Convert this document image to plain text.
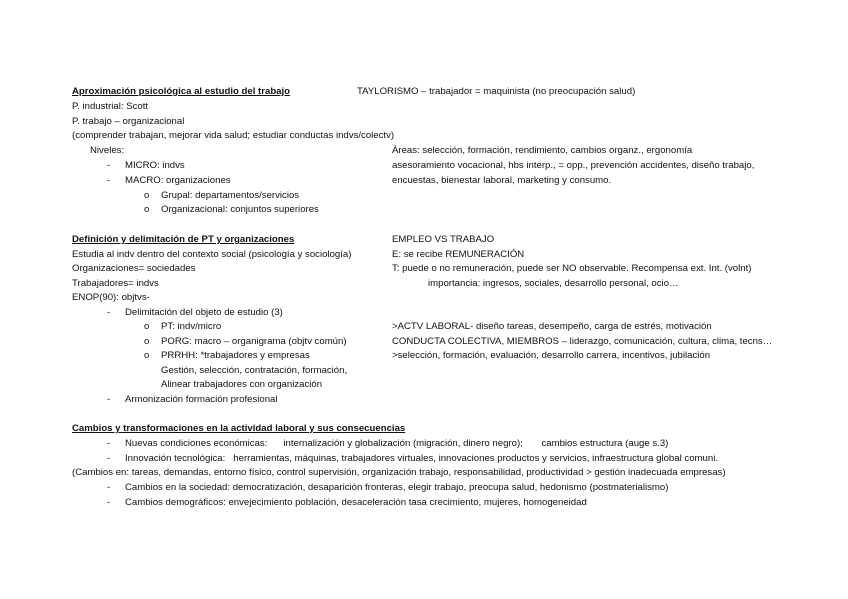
Aproximación psicológica al estudio del trabajo	TAYLORISMO – trabajador = maquinista (no preocupación salud)
P. industrial: Scott
P. trabajo – organizacional
(comprender trabajan, mejorar vida salud; estudiar conductas indvs/colectv)
Niveles:	Áreas: selección, formación, rendimiento, cambios organz., ergonomía
- MICRO: indvs	asesoramiento vocacional, hbs interp., = opp., prevención accidentes, diseño trabajo,
- MACRO: organizaciones	encuestas, bienestar laboral, marketing y consumo.
o Grupal: departamentos/servicios
o Organizacional: conjuntos superiores
Definición y delimitación de PT y organizaciones	EMPLEO VS TRABAJO
Estudia al indv dentro del contexto social (psicología y sociología)	E: se recibe REMUNERACIÓN
Organizaciones= sociedades	T: puede o no remuneración, puede ser NO observable. Recompensa ext. Int. (volnt)
Trabajadores= indvs	importancia: ingresos, sociales, desarrollo personal, ocio…
ENOP(90): objtvs-
- Delimitación del objeto de estudio (3)
o PT: indv/micro	>ACTV LABORAL- diseño tareas, desempeño, carga de estrés, motivación
o PORG: macro – organigrama (objtv común)	CONDUCTA COLECTIVA, MIEMBROS – liderazgo, comunicación, cultura, clima, tecns…
o PRRHH: *trabajadores y empresas	>selección, formación, evaluación, desarrollo carrera, incentivos, jubilación
Gestión, selección, contratación, formación,
Alinear trabajadores con organización
- Armonización formación profesional
Cambios y transformaciones en la actividad laboral y sus consecuencias
- Nuevas condiciones económicas:      internalización y globalización (migración, dinero negro);       cambios estructura (auge s.3)
- Innovación tecnológica:   herramientas, máquinas, trabajadores virtuales, innovaciones productos y servicios, infraestructura global comuni.
(Cambios en: tareas, demandas, entorno físico, control supervisión, organización trabajo, responsabilidad, productividad > gestión inadecuada empresas)
- Cambios en la sociedad: democratización, desaparición fronteras, elegir trabajo, preocupa salud, hedonismo (postmaterialismo)
- Cambios demográficos: envejecimiento población, desaceleración tasa crecimiento, mujeres, homogeneidad
